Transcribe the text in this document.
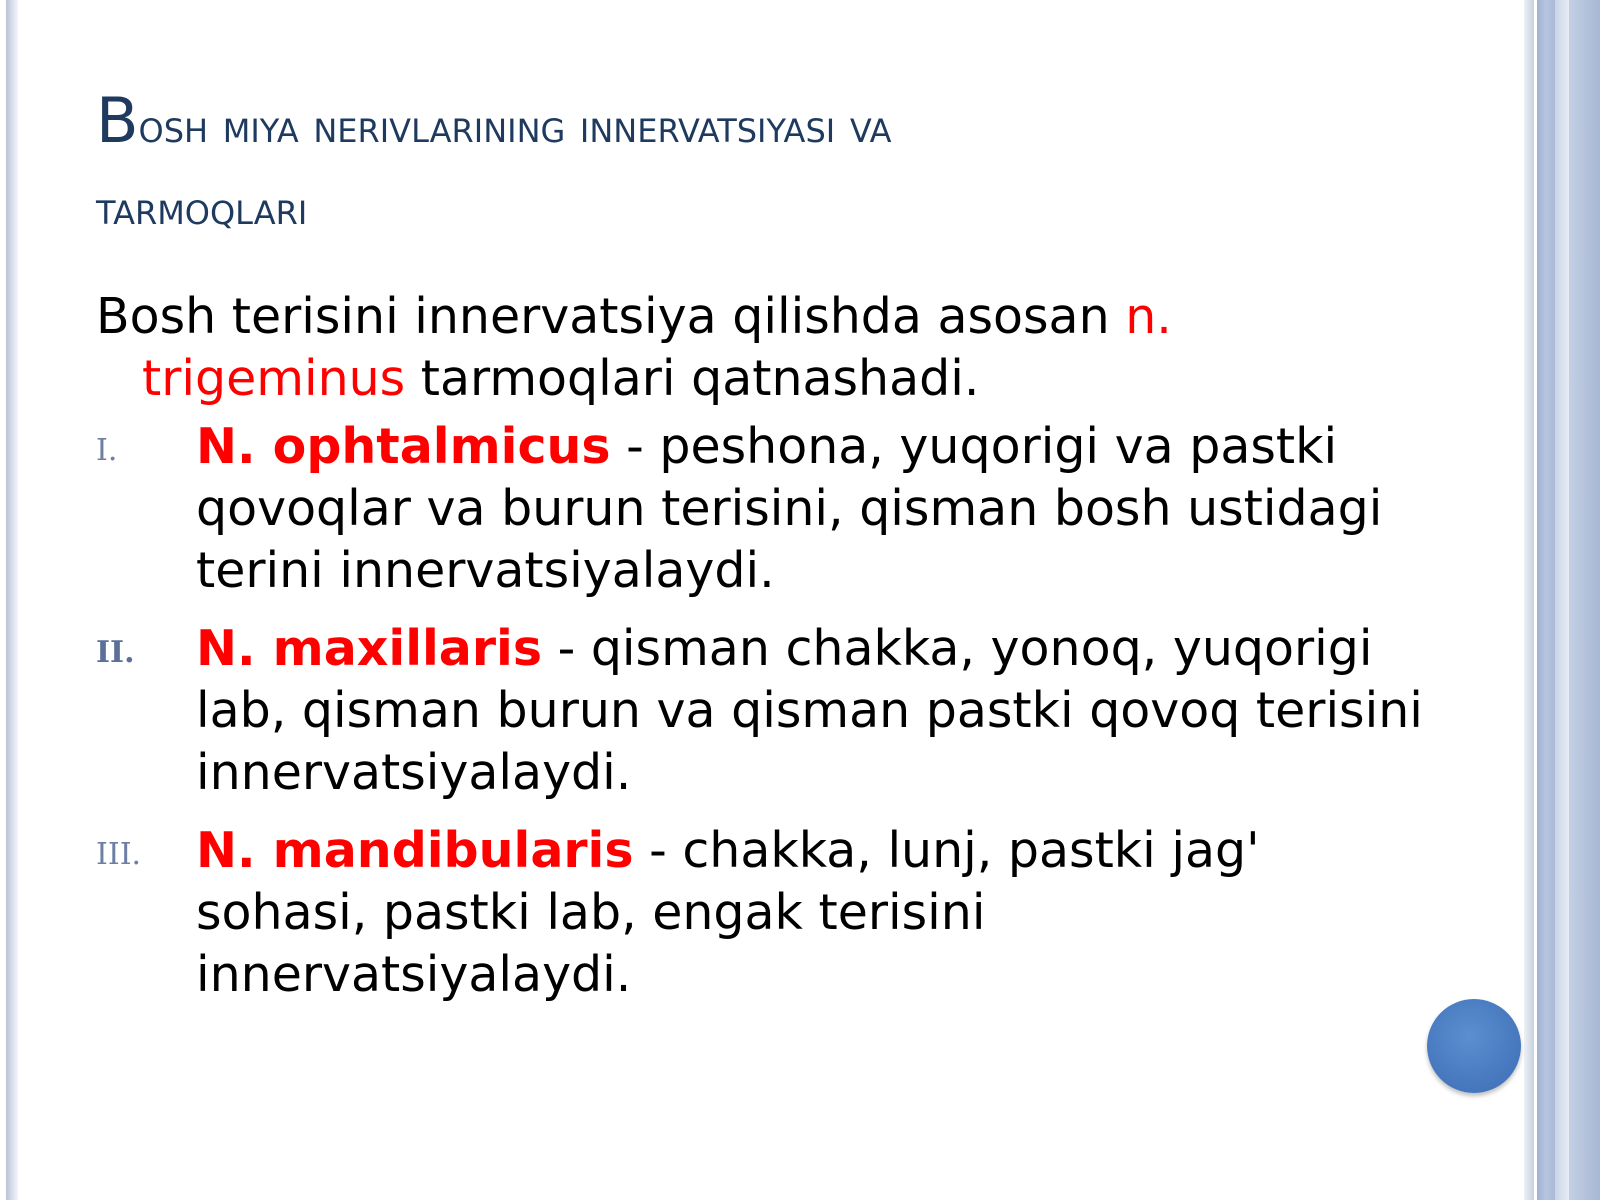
Bosh miya nerivlarining innervatsiyasi va
tarmoqlari

Bosh terisini innervatsiya qilishda asosan n. trigeminus tarmoqlari qatnashadi.

I. N. ophtalmicus - peshona, yuqorigi va pastki qovoqlar va burun terisini, qisman bosh ustidagi terini innervatsiyalaydi.
II. N. maxillaris - qisman chakka, yonoq, yuqorigi lab, qisman burun va qisman pastki qovoq terisini innervatsiyalaydi.
III. N. mandibularis - chakka, lunj, pastki jag' sohasi, pastki lab, engak terisini innervatsiyalaydi.
